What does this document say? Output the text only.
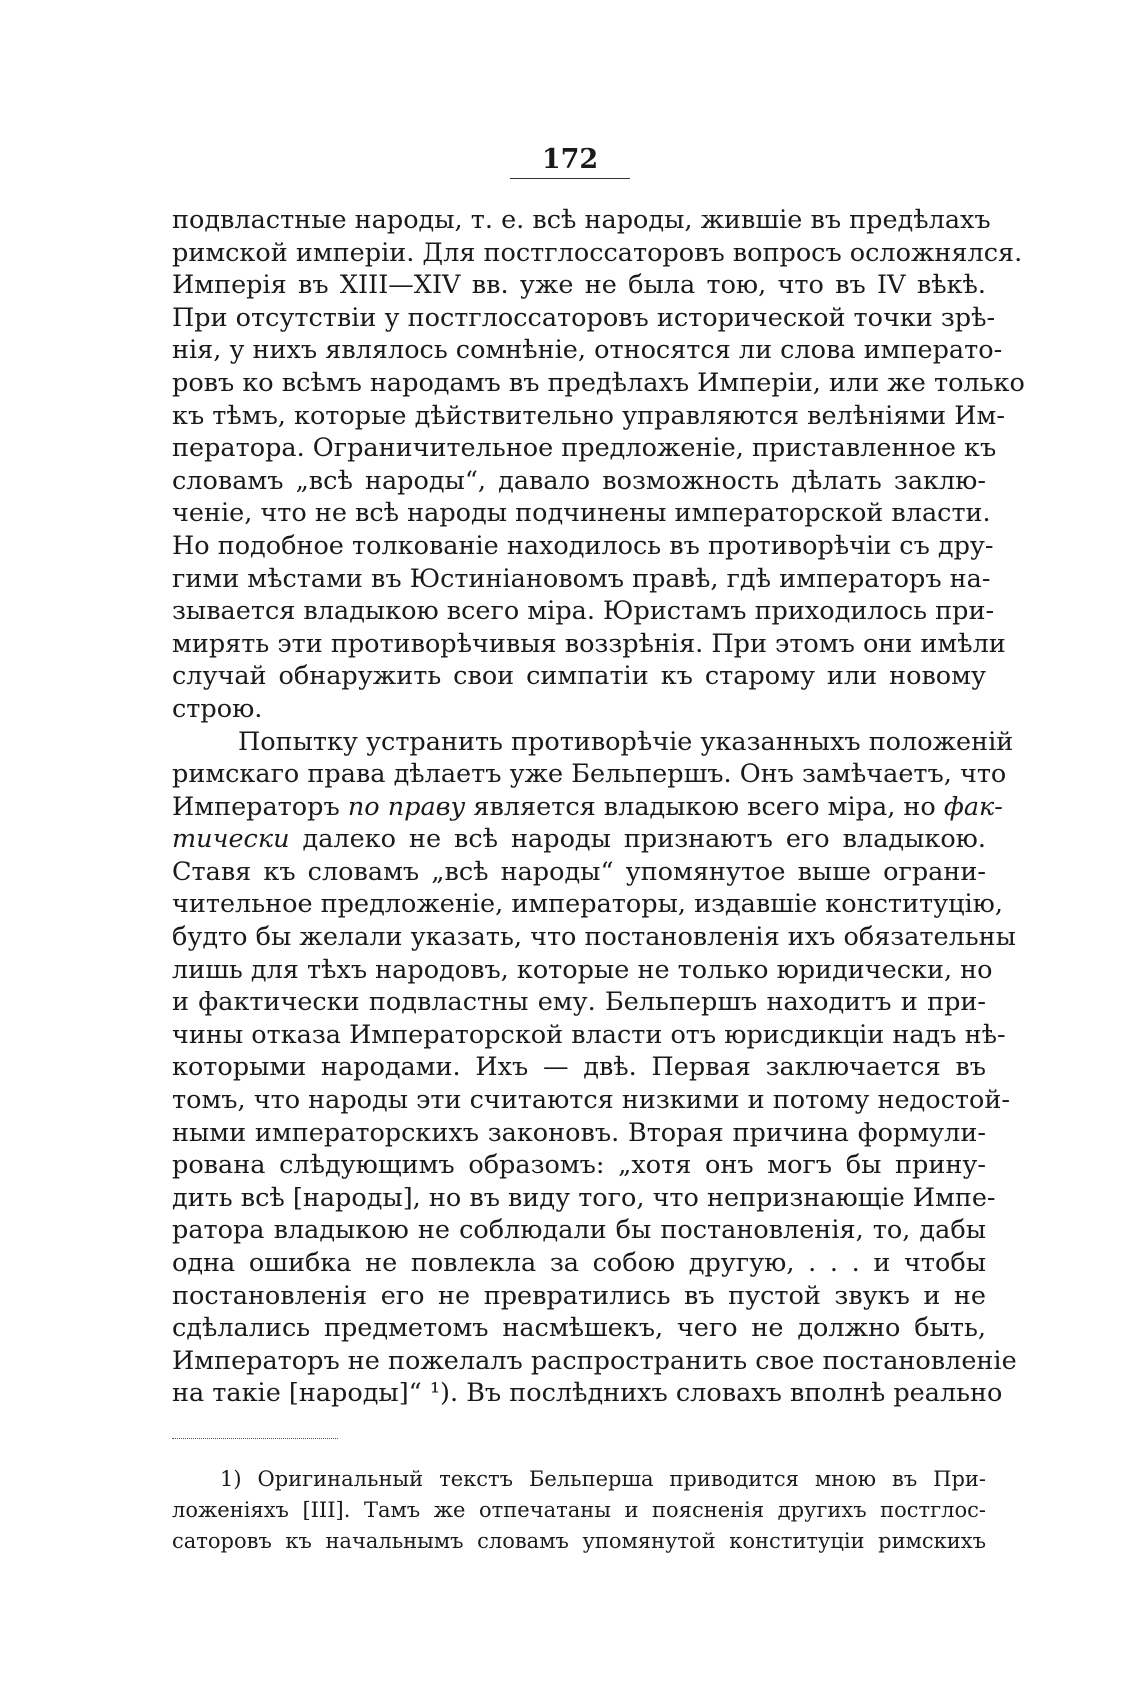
172
подвластные народы, т. е. всѣ народы, жившіе въ предѣлахъ
римской имперіи. Для постглоссаторовъ вопросъ осложнялся.
Имперія въ XIII—XIV вв. уже не была тою, что въ IV вѣкѣ.
При отсутствіи у постглоссаторовъ исторической точки зрѣ-
нія, у нихъ являлось сомнѣніе, относятся ли слова императо-
ровъ ко всѣмъ народамъ въ предѣлахъ Имперіи, или же только
къ тѣмъ, которые дѣйствительно управляются велѣніями Им-
ператора. Ограничительное предложеніе, приставленное къ
словамъ „всѣ народы“, давало возможность дѣлать заклю-
ченіе, что не всѣ народы подчинены императорской власти.
Но подобное толкованіе находилось въ противорѣчіи съ дру-
гими мѣстами въ Юстиніановомъ правѣ, гдѣ императоръ на-
зывается владыкою всего міра. Юристамъ приходилось при-
мирять эти противорѣчивыя воззрѣнія. При этомъ они имѣли
случай обнаружить свои симпатіи къ старому или новому
строю.
Попытку устранить противорѣчіе указанныхъ положеній
римскаго права дѣлаетъ уже Бельпершъ. Онъ замѣчаетъ, что
Императоръ по праву является владыкою всего міра, но фак-
тически далеко не всѣ народы признаютъ его владыкою.
Ставя къ словамъ „всѣ народы“ упомянутое выше ограни-
чительное предложеніе, императоры, издавшіе конституцію,
будто бы желали указать, что постановленія ихъ обязательны
лишь для тѣхъ народовъ, которые не только юридически, но
и фактически подвластны ему. Бельпершъ находитъ и при-
чины отказа Императорской власти отъ юрисдикціи надъ нѣ-
которыми народами. Ихъ — двѣ. Первая заключается въ
томъ, что народы эти считаются низкими и потому недостой-
ными императорскихъ законовъ. Вторая причина формули-
рована слѣдующимъ образомъ: „хотя онъ могъ бы прину-
дить всѣ [народы], но въ виду того, что непризнающіе Импе-
ратора владыкою не соблюдали бы постановленія, то, дабы
одна ошибка не повлекла за собою другую, . . . и чтобы
постановленія его не превратились въ пустой звукъ и не
сдѣлались предметомъ насмѣшекъ, чего не должно быть,
Императоръ не пожелалъ распространить свое постановленіе
на такіе [народы]“ ¹). Въ послѣднихъ словахъ вполнѣ реально
1) Оригинальный текстъ Бельперша приводится мною въ При-
ложеніяхъ [III]. Тамъ же отпечатаны и поясненія другихъ постглос-
саторовъ къ начальнымъ словамъ упомянутой конституціи римскихъ
